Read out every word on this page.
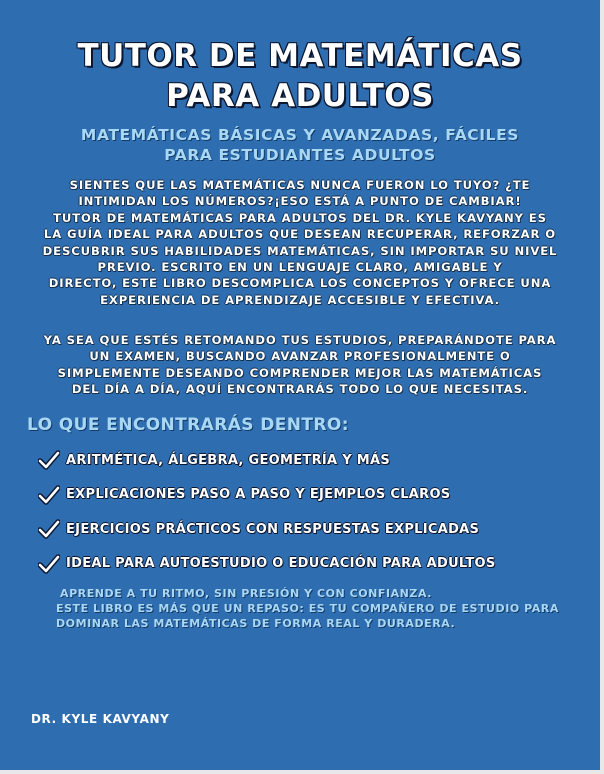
TUTOR DE MATEMÁTICAS
PARA ADULTOS
MATEMÁTICAS BÁSICAS Y AVANZADAS, FÁCILES
PARA ESTUDIANTES ADULTOS
SIENTES QUE LAS MATEMÁTICAS NUNCA FUERON LO TUYO? ¿TE
INTIMIDAN LOS NÚMEROS?¡ESO ESTÁ A PUNTO DE CAMBIAR!
TUTOR DE MATEMÁTICAS PARA ADULTOS DEL DR. KYLE KAVYANY ES
LA GUÍA IDEAL PARA ADULTOS QUE DESEAN RECUPERAR, REFORZAR O
DESCUBRIR SUS HABILIDADES MATEMÁTICAS, SIN IMPORTAR SU NIVEL
PREVIO. ESCRITO EN UN LENGUAJE CLARO, AMIGABLE Y
DIRECTO, ESTE LIBRO DESCOMPLICA LOS CONCEPTOS Y OFRECE UNA
EXPERIENCIA DE APRENDIZAJE ACCESIBLE Y EFECTIVA.
YA SEA QUE ESTÉS RETOMANDO TUS ESTUDIOS, PREPARÁNDOTE PARA
UN EXAMEN, BUSCANDO AVANZAR PROFESIONALMENTE O
SIMPLEMENTE DESEANDO COMPRENDER MEJOR LAS MATEMÁTICAS
DEL DÍA A DÍA, AQUÍ ENCONTRARÁS TODO LO QUE NECESITAS.
LO QUE ENCONTRARÁS DENTRO:
ARITMÉTICA, ÁLGEBRA, GEOMETRÍA Y MÁS
EXPLICACIONES PASO A PASO Y EJEMPLOS CLAROS
EJERCICIOS PRÁCTICOS CON RESPUESTAS EXPLICADAS
IDEAL PARA AUTOESTUDIO O EDUCACIÓN PARA ADULTOS
APRENDE A TU RITMO, SIN PRESIÓN Y CON CONFIANZA.
ESTE LIBRO ES MÁS QUE UN REPASO: ES TU COMPAÑERO DE ESTUDIO PARA
DOMINAR LAS MATEMÁTICAS DE FORMA REAL Y DURADERA.
DR. KYLE KAVYANY
